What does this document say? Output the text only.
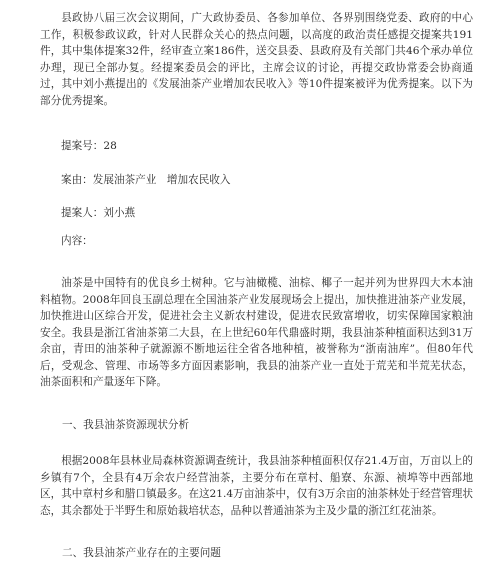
县政协八届三次会议期间，广大政协委员、各参加单位、各界别围绕党委、政府的中心工作，积极参政议政，针对人民群众关心的热点问题，以高度的政治责任感提交提案共191件，其中集体提案32件，经审查立案186件，送交县委、县政府及有关部门共46个承办单位办理，现已全部办复。经提案委员会的评比，主席会议的讨论，再提交政协常委会协商通过，其中刘小燕提出的《发展油茶产业增加农民收入》等10件提案被评为优秀提案。以下为部分优秀提案。

提案号：28

案由：发展油茶产业　增加农民收入

提案人：刘小燕

内容：

油茶是中国特有的优良乡土树种。它与油橄榄、油棕、椰子一起并列为世界四大木本油料植物。2008年回良玉副总理在全国油茶产业发展现场会上提出，加快推进油茶产业发展，加快推进山区综合开发，促进社会主义新农村建设，促进农民致富增收，切实保障国家粮油安全。我县是浙江省油茶第二大县，在上世纪60年代鼎盛时期，我县油茶种植面积达到31万余亩，青田的油茶种子就源源不断地运往全省各地种植，被誉称为“浙南油库”。但80年代后，受观念、管理、市场等多方面因素影响，我县的油茶产业一直处于荒芜和半荒芜状态，油茶面积和产量逐年下降。

一、我县油茶资源现状分析

根据2008年县林业局森林资源调查统计，我县油茶种植面积仅存21.4万亩，万亩以上的乡镇有7个，全县有4万余农户经营油茶，主要分布在章村、船寮、东源、祯埠等中西部地区，其中章村乡和腊口镇最多。在这21.4万亩油茶中，仅有3万余亩的油茶林处于经营管理状态，其余都处于半野生和原始栽培状态，品种以普通油茶为主及少量的浙江红花油茶。

二、我县油茶产业存在的主要问题
